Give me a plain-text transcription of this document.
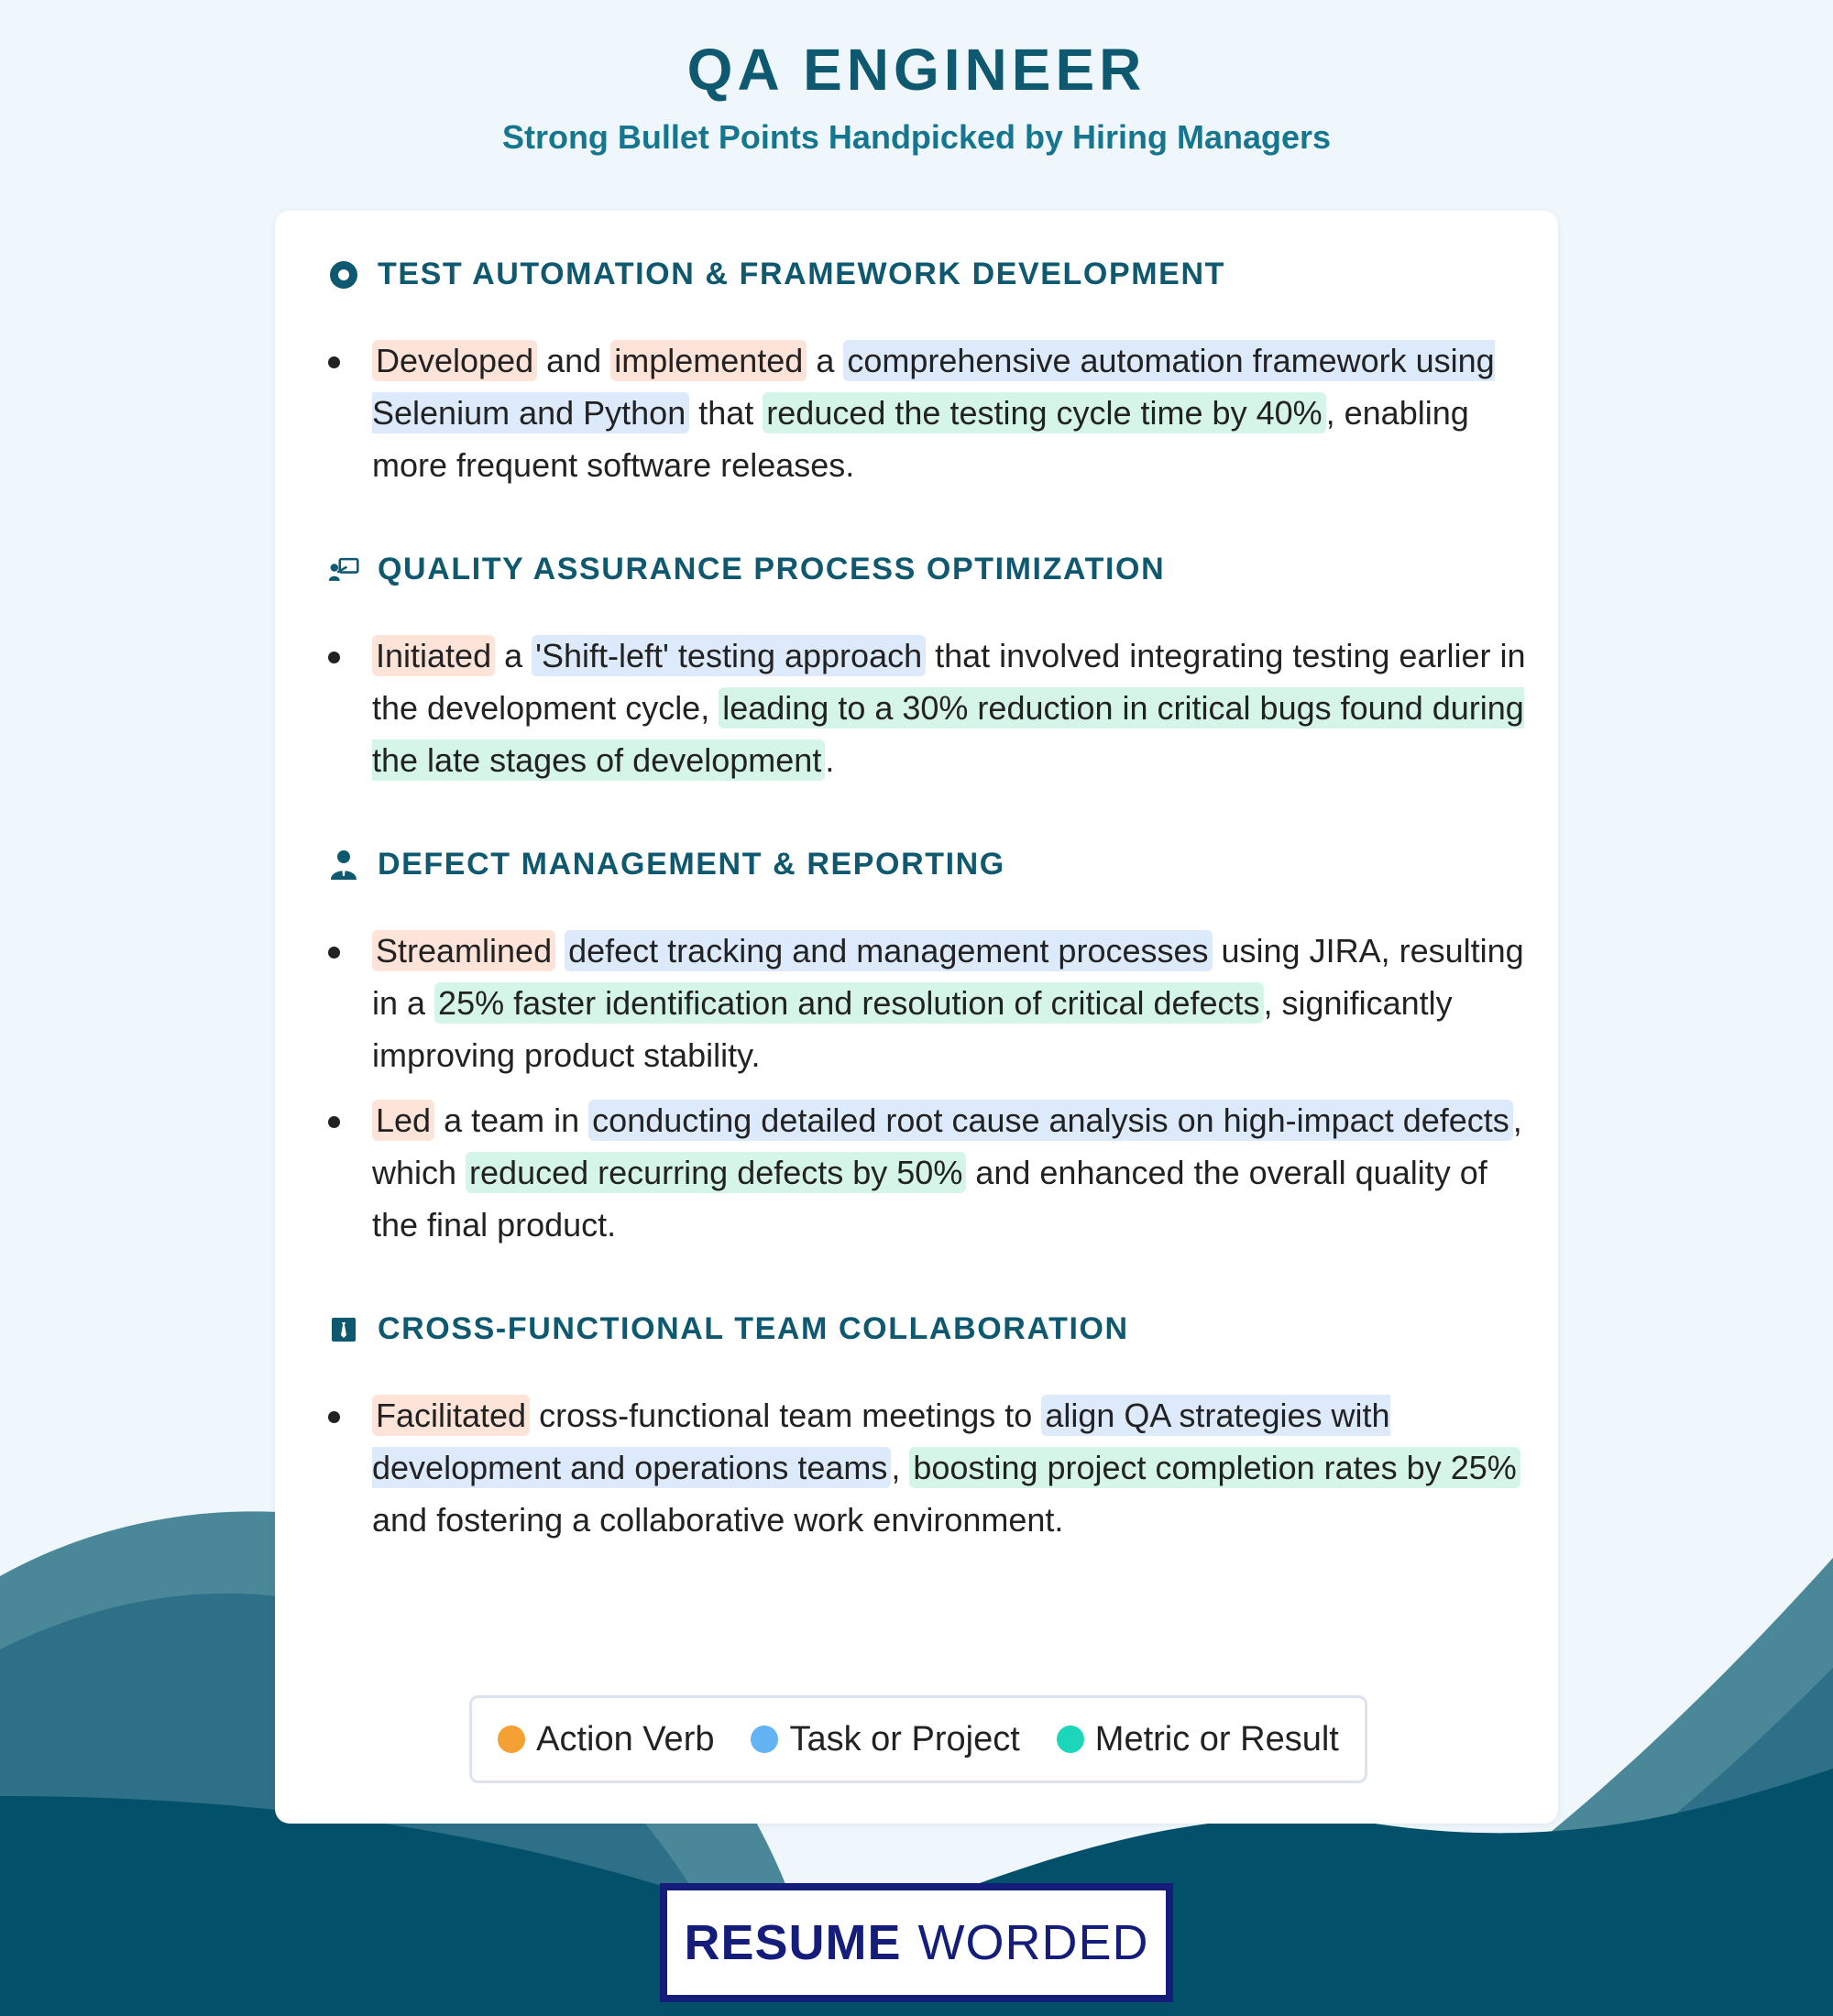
QA ENGINEER
Strong Bullet Points Handpicked by Hiring Managers
TEST AUTOMATION & FRAMEWORK DEVELOPMENT
Developed and implemented a comprehensive automation framework using Selenium and Python that reduced the testing cycle time by 40% , enabling more frequent software releases.
QUALITY ASSURANCE PROCESS OPTIMIZATION
Initiated a 'Shift-left' testing approach that involved integrating testing earlier in the development cycle, leading to a 30% reduction in critical bugs found during the late stages of development .
DEFECT MANAGEMENT & REPORTING
Streamlined defect tracking and management processes using JIRA, resulting in a 25% faster identification and resolution of critical defects , significantly improving product stability.
Led a team in conducting detailed root cause analysis on high-impact defects , which reduced recurring defects by 50% and enhanced the overall quality of the final product.
CROSS-FUNCTIONAL TEAM COLLABORATION
Facilitated cross-functional team meetings to align QA strategies with development and operations teams , boosting project completion rates by 25% and fostering a collaborative work environment.
Action Verb Task or Project Metric or Result
RESUME WORDED
